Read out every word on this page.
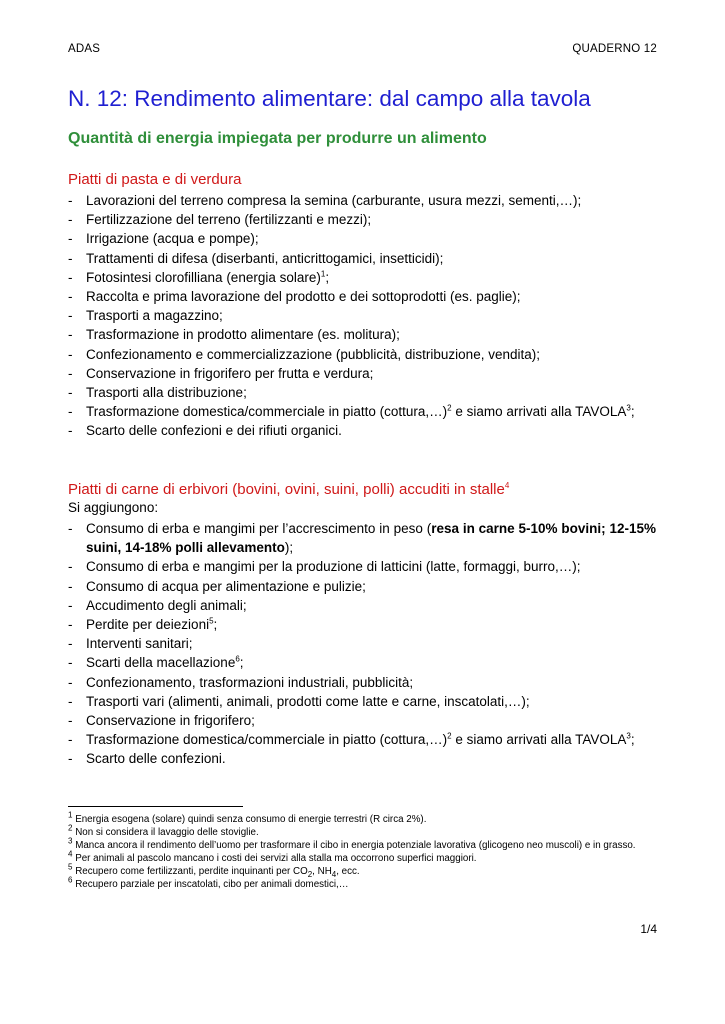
ADAS	QUADERNO 12
N. 12: Rendimento alimentare: dal campo alla tavola
Quantità di energia impiegata per produrre un alimento
Piatti di pasta e di verdura
- Lavorazioni del terreno compresa la semina (carburante, usura mezzi, sementi,…);
- Fertilizzazione del terreno (fertilizzanti e mezzi);
- Irrigazione (acqua e pompe);
- Trattamenti di difesa (diserbanti, anticrittogamici, insetticidi);
- Fotosintesi clorofilliana (energia solare)$^1$;
- Raccolta e prima lavorazione del prodotto e dei sottoprodotti (es. paglie);
- Trasporti a magazzino;
- Trasformazione in prodotto alimentare (es. molitura);
- Confezionamento e commercializzazione (pubblicità, distribuzione, vendita);
- Conservazione in frigorifero per frutta e verdura;
- Trasporti alla distribuzione;
- Trasformazione domestica/commerciale in piatto (cottura,…)$^2$ e siamo arrivati alla TAVOLA$^3$;
- Scarto delle confezioni e dei rifiuti organici.
Piatti di carne di erbivori (bovini, ovini, suini, polli) accuditi in stalle$^4$
Si aggiungono:
- Consumo di erba e mangimi per l’accrescimento in peso (resa in carne 5-10% bovini; 12-15% suini, 14-18% polli allevamento);
- Consumo di erba e mangimi per la produzione di latticini (latte, formaggi, burro,…);
- Consumo di acqua per alimentazione e pulizie;
- Accudimento degli animali;
- Perdite per deiezioni$^5$;
- Interventi sanitari;
- Scarti della macellazione$^6$;
- Confezionamento, trasformazioni industriali, pubblicità;
- Trasporti vari (alimenti, animali, prodotti come latte e carne, inscatolati,…);
- Conservazione in frigorifero;
- Trasformazione domestica/commerciale in piatto (cottura,…)$^2$ e siamo arrivati alla TAVOLA$^3$;
- Scarto delle confezioni.
$^1$ Energia esogena (solare) quindi senza consumo di energie terrestri (R circa 2%).
$^2$ Non si considera il lavaggio delle stoviglie.
$^3$ Manca ancora il rendimento dell’uomo per trasformare il cibo in energia potenziale lavorativa (glicogeno neo muscoli) e in grasso.
$^4$ Per animali al pascolo mancano i costi dei servizi alla stalla ma occorrono superfici maggiori.
$^5$ Recupero come fertilizzanti, perdite inquinanti per $CO_2$, $NH_4$, ecc.
$^6$ Recupero parziale per inscatolati, cibo per animali domestici,…
1/4
